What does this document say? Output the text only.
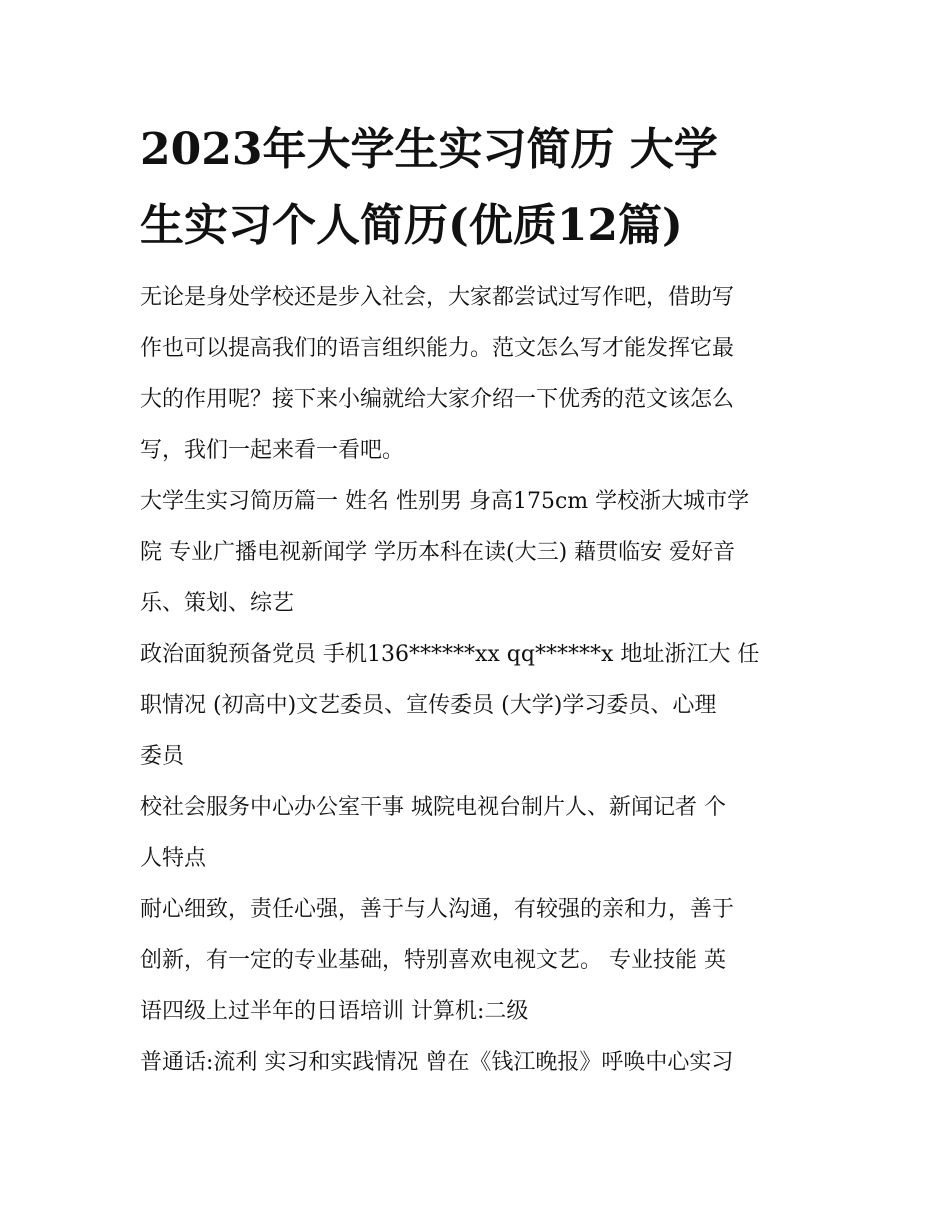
2023年大学生实习简历 大学
生实习个人简历(优质12篇)

无论是身处学校还是步入社会，大家都尝试过写作吧，借助写
作也可以提高我们的语言组织能力。范文怎么写才能发挥它最
大的作用呢？接下来小编就给大家介绍一下优秀的范文该怎么
写，我们一起来看一看吧。

大学生实习简历篇一 姓名 性别男 身高175cm 学校浙大城市学
院 专业广播电视新闻学 学历本科在读(大三) 藉贯临安 爱好音
乐、策划、综艺

政治面貌预备党员 手机136******xx qq******x 地址浙江大 任
职情况 (初高中)文艺委员、宣传委员 (大学)学习委员、心理
委员

校社会服务中心办公室干事 城院电视台制片人、新闻记者 个
人特点

耐心细致，责任心强，善于与人沟通，有较强的亲和力，善于
创新，有一定的专业基础，特别喜欢电视文艺。 专业技能 英
语四级上过半年的日语培训 计算机:二级

普通话:流利 实习和实践情况 曾在《钱江晚报》呼唤中心实习
